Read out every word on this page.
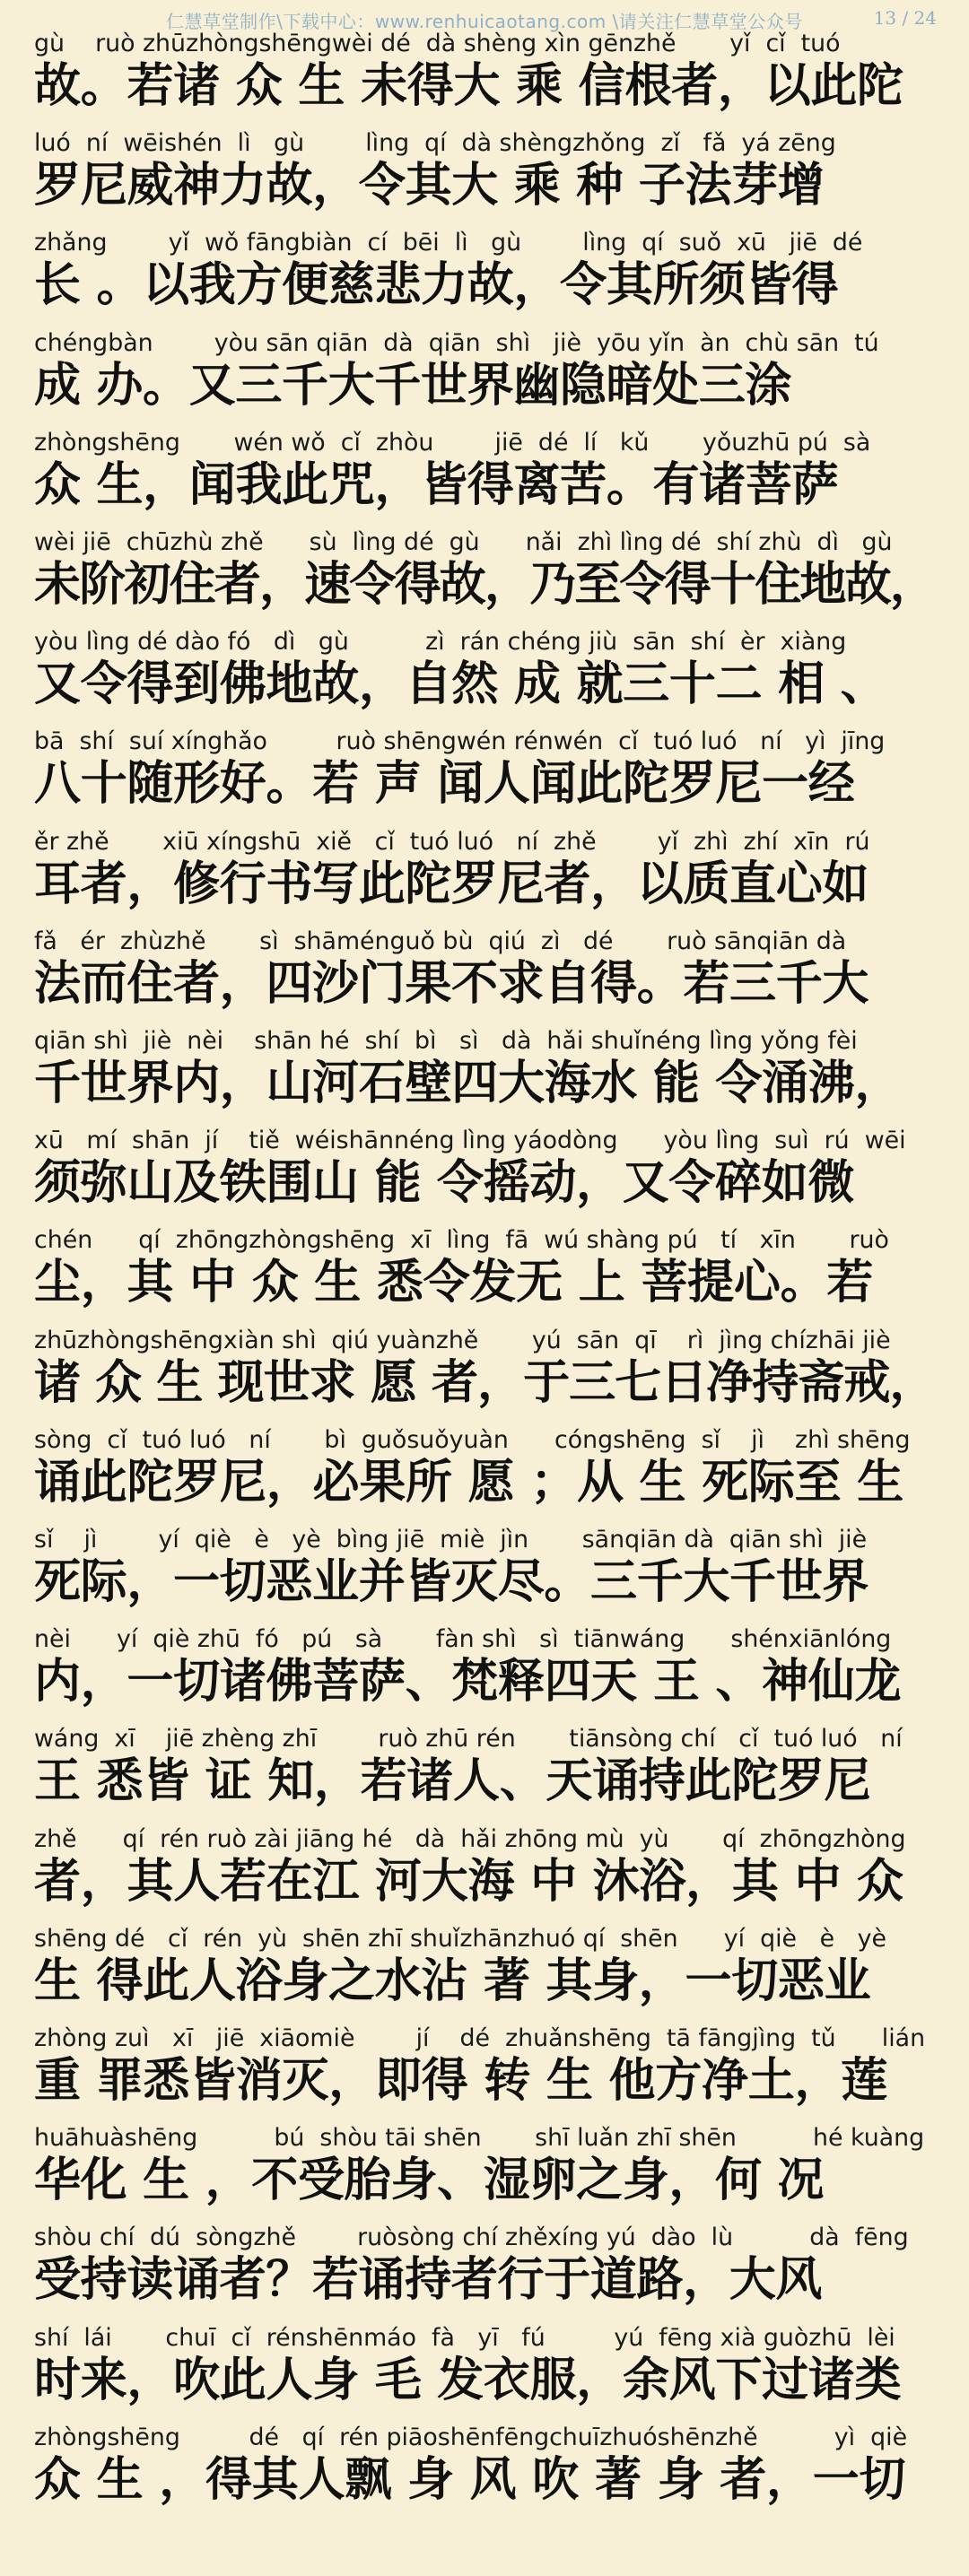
仁慧草堂制作\下载中心：www.renhuicaotang.com \请关注仁慧草堂公众号	13 / 24
gù    ruò zhūzhòngshēngwèi dé  dà shèng xìn gēnzhě       yǐ  cǐ  tuó
故。若诸 众 生 未得大 乘 信根者，以此陀
luó  ní  wēishén  lì   gù        lìng  qí  dà shèngzhǒng  zǐ   fǎ  yá zēng
罗尼威神力故，令其大 乘 种 子法芽增
zhǎng        yǐ  wǒ fāngbiàn  cí  bēi  lì   gù        lìng  qí  suǒ  xū   jiē  dé
长 。以我方便慈悲力故，令其所须皆得
chéngbàn        yòu sān qiān  dà  qiān  shì   jiè  yōu yǐn  àn  chù sān  tú
成 办。又三千大千世界幽隐暗处三涂
zhòngshēng       wén wǒ  cǐ  zhòu        jiē  dé  lí   kǔ       yǒuzhū pú  sà
众 生，闻我此咒，皆得离苦。有诸菩萨
wèi jiē  chūzhù zhě      sù  lìng dé  gù      nǎi  zhì lìng dé  shí zhù  dì   gù
未阶初住者，速令得故，乃至令得十住地故，
yòu lìng dé dào fó   dì   gù          zì  rán chéng jiù  sān  shí  èr  xiàng
又令得到佛地故，自然 成 就三十二 相 、
bā  shí  suí xínghǎo         ruò shēngwén rénwén  cǐ  tuó luó   ní   yì  jīng
八十随形好。若 声 闻人闻此陀罗尼一经
ěr zhě       xiū xíngshū  xiě   cǐ  tuó luó   ní  zhě        yǐ  zhì  zhí  xīn  rú
耳者，修行书写此陀罗尼者，以质直心如
fǎ   ér  zhùzhě       sì  shāménguǒ bù  qiú  zì   dé       ruò sānqiān dà
法而住者，四沙门果不求自得。若三千大
qiān shì  jiè  nèi    shān hé  shí  bì   sì   dà  hǎi shuǐnéng lìng yǒng fèi
千世界内，山河石壁四大海水 能 令涌沸，
xū   mí  shān  jí    tiě  wéishānnéng lìng yáodòng      yòu lìng  suì  rú  wēi
须弥山及铁围山 能 令摇动，又令碎如微
chén      qí  zhōngzhòngshēng  xī  lìng  fā  wú shàng pú   tí   xīn       ruò
尘，其 中 众 生 悉令发无 上 菩提心。若
zhūzhòngshēngxiàn shì  qiú yuànzhě       yú  sān  qī    rì  jìng chízhāi jiè
诸 众 生 现世求 愿 者，于三七日净持斋戒，
sòng  cǐ  tuó luó   ní       bì  guǒsuǒyuàn      cóngshēng  sǐ    jì    zhì shēng
诵此陀罗尼，必果所 愿 ；从 生 死际至 生
sǐ    jì        yí  qiè   è   yè  bìng jiē  miè  jìn       sānqiān dà  qiān shì  jiè
死际，一切恶业并皆灭尽。三千大千世界
nèi      yí  qiè zhū  fó   pú   sà       fàn shì   sì  tiānwáng      shénxiānlóng
内，一切诸佛菩萨、梵释四天 王 、神仙龙
wáng  xī    jiē zhèng zhī        ruò zhū rén       tiānsòng chí   cǐ  tuó luó   ní
王 悉皆 证 知，若诸人、天诵持此陀罗尼
zhě      qí  rén ruò zài jiāng hé   dà  hǎi zhōng mù  yù       qí  zhōngzhòng
者，其人若在江 河大海 中 沐浴，其 中 众
shēng dé   cǐ  rén  yù  shēn zhī shuǐzhānzhuó qí  shēn      yí  qiè   è   yè
生 得此人浴身之水沾 著 其身，一切恶业
zhòng zuì   xī   jiē  xiāomiè        jí    dé  zhuǎnshēng  tā fāngjìng  tǔ      lián
重 罪悉皆消灭，即得 转 生 他方净土，莲
huāhuàshēng          bú  shòu tāi shēn       shī luǎn zhī shēn          hé kuàng
华化 生 ，不受胎身、湿卵之身，何 况
shòu chí  dú  sòngzhě        ruòsòng chí zhěxíng yú  dào  lù          dà  fēng
受持读诵者？若诵持者行于道路，大风
shí  lái       chuī  cǐ  rénshēnmáo  fà   yī   fú         yú  fēng xià guòzhū  lèi
时来，吹此人身 毛 发衣服，余风下过诸类
zhòngshēng         dé   qí  rén piāoshēnfēngchuīzhuóshēnzhě          yì  qiè
众 生 ，得其人飘 身 风 吹 著 身 者，一切
